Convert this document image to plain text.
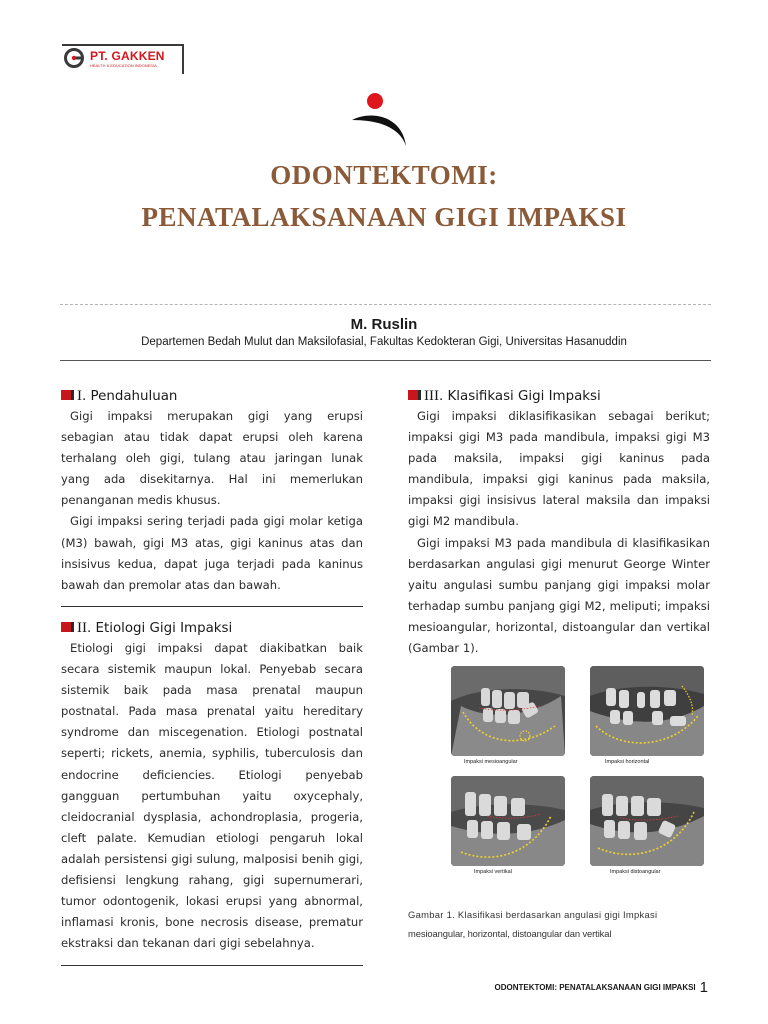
PT. GAKKEN
HEALTH & EDUCATION INDONESIA
ODONTEKTOMI:
PENATALAKSANAAN GIGI IMPAKSI
M. Ruslin
Departemen Bedah Mulut dan Maksilofasial, Fakultas Kedokteran Gigi, Universitas Hasanuddin
I. Pendahuluan

Gigi impaksi merupakan gigi yang erupsi sebagian atau tidak dapat erupsi oleh karena terhalang oleh gigi, tulang atau jaringan lunak yang ada disekitarnya. Hal ini memerlukan penanganan medis khusus.

Gigi impaksi sering terjadi pada gigi molar ketiga (M3) bawah, gigi M3 atas, gigi kaninus atas dan insisivus kedua, dapat juga terjadi pada kaninus bawah dan premolar atas dan bawah.

II. Etiologi Gigi Impaksi

Etiologi gigi impaksi dapat diakibatkan baik secara sistemik maupun lokal. Penyebab secara sistemik baik pada masa prenatal maupun postnatal. Pada masa prenatal yaitu hereditary syndrome dan miscegenation. Etiologi postnatal seperti; rickets, anemia, syphilis, tuberculosis dan endocrine deficiencies. Etiologi penyebab gangguan pertumbuhan yaitu oxycephaly, cleidocranial dysplasia, achondroplasia, progeria, cleft palate. Kemudian etiologi pengaruh lokal adalah persistensi gigi sulung, malposisi benih gigi, defisiensi lengkung rahang, gigi supernumerari, tumor odontogenik, lokasi erupsi yang abnormal, inflamasi kronis, bone necrosis disease, prematur ekstraksi dan tekanan dari gigi sebelahnya.

III. Klasifikasi Gigi Impaksi

Gigi impaksi diklasifikasikan sebagai berikut; impaksi gigi M3 pada mandibula, impaksi gigi M3 pada maksila, impaksi gigi kaninus pada mandibula, impaksi gigi kaninus pada maksila, impaksi gigi insisivus lateral maksila dan impaksi gigi M2 mandibula.

Gigi impaksi M3 pada mandibula di klasifikasikan berdasarkan angulasi gigi menurut George Winter yaitu angulasi sumbu panjang gigi impaksi molar terhadap sumbu panjang gigi M2, meliputi; impaksi mesioangular, horizontal, distoangular dan vertikal (Gambar 1).

Impaksi mesioangular	Impaksi horizontal
Impaksi vertikal	Impaksi distoangular
Gambar 1. Klasifikasi berdasarkan angulasi gigi Impkasi
mesioangular, horizontal, distoangular dan vertikal
ODONTEKTOMI: PENATALAKSANAAN GIGI IMPAKSI 1
